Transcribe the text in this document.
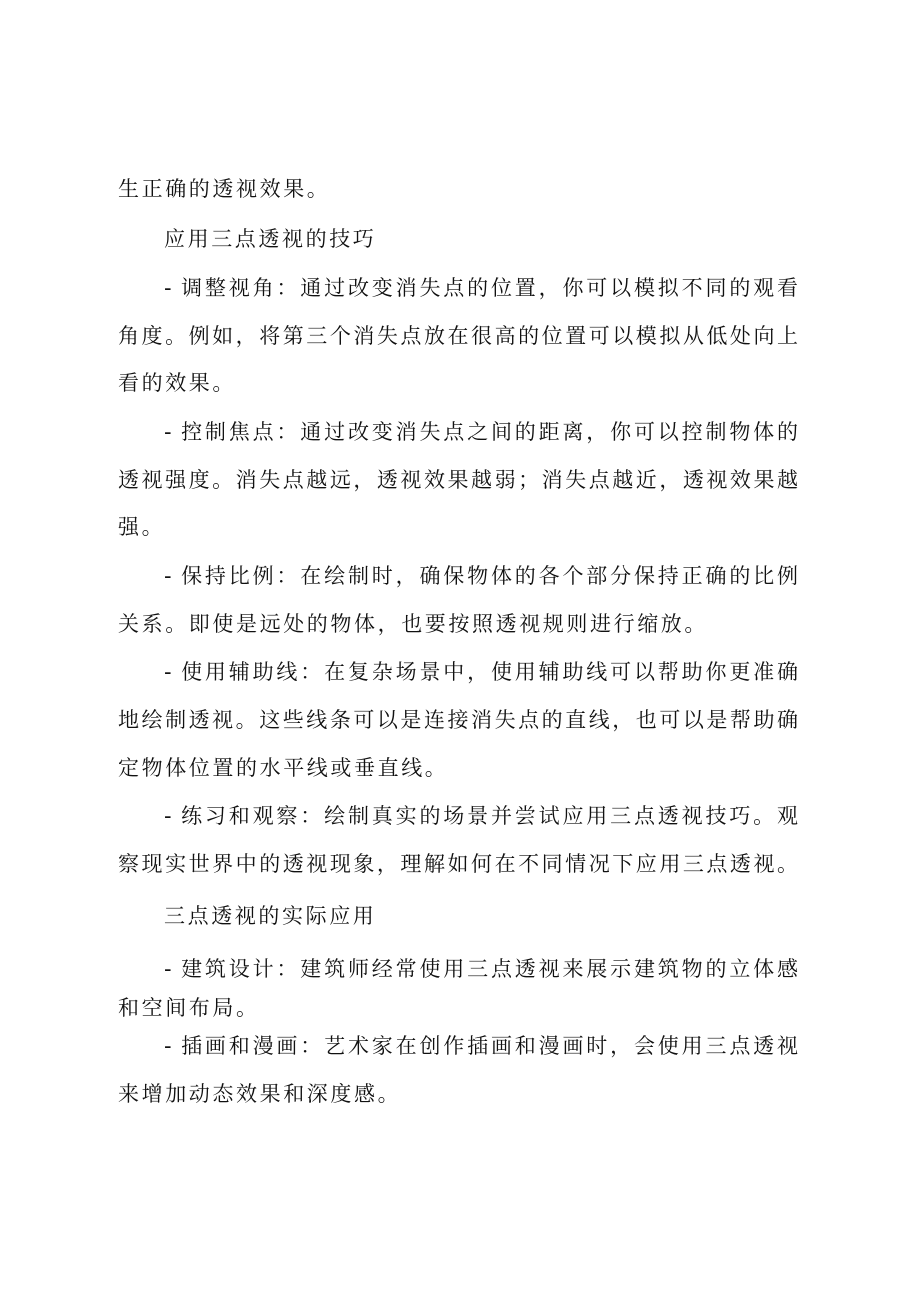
生正确的透视效果。
应用三点透视的技巧
- 调整视角：通过改变消失点的位置，你可以模拟不同的观看
角度。例如，将第三个消失点放在很高的位置可以模拟从低处向上
看的效果。
- 控制焦点：通过改变消失点之间的距离，你可以控制物体的
透视强度。消失点越远，透视效果越弱；消失点越近，透视效果越
强。
- 保持比例：在绘制时，确保物体的各个部分保持正确的比例
关系。即使是远处的物体，也要按照透视规则进行缩放。
- 使用辅助线：在复杂场景中，使用辅助线可以帮助你更准确
地绘制透视。这些线条可以是连接消失点的直线，也可以是帮助确
定物体位置的水平线或垂直线。
- 练习和观察：绘制真实的场景并尝试应用三点透视技巧。观
察现实世界中的透视现象，理解如何在不同情况下应用三点透视。
三点透视的实际应用
- 建筑设计：建筑师经常使用三点透视来展示建筑物的立体感
和空间布局。
- 插画和漫画：艺术家在创作插画和漫画时，会使用三点透视
来增加动态效果和深度感。
